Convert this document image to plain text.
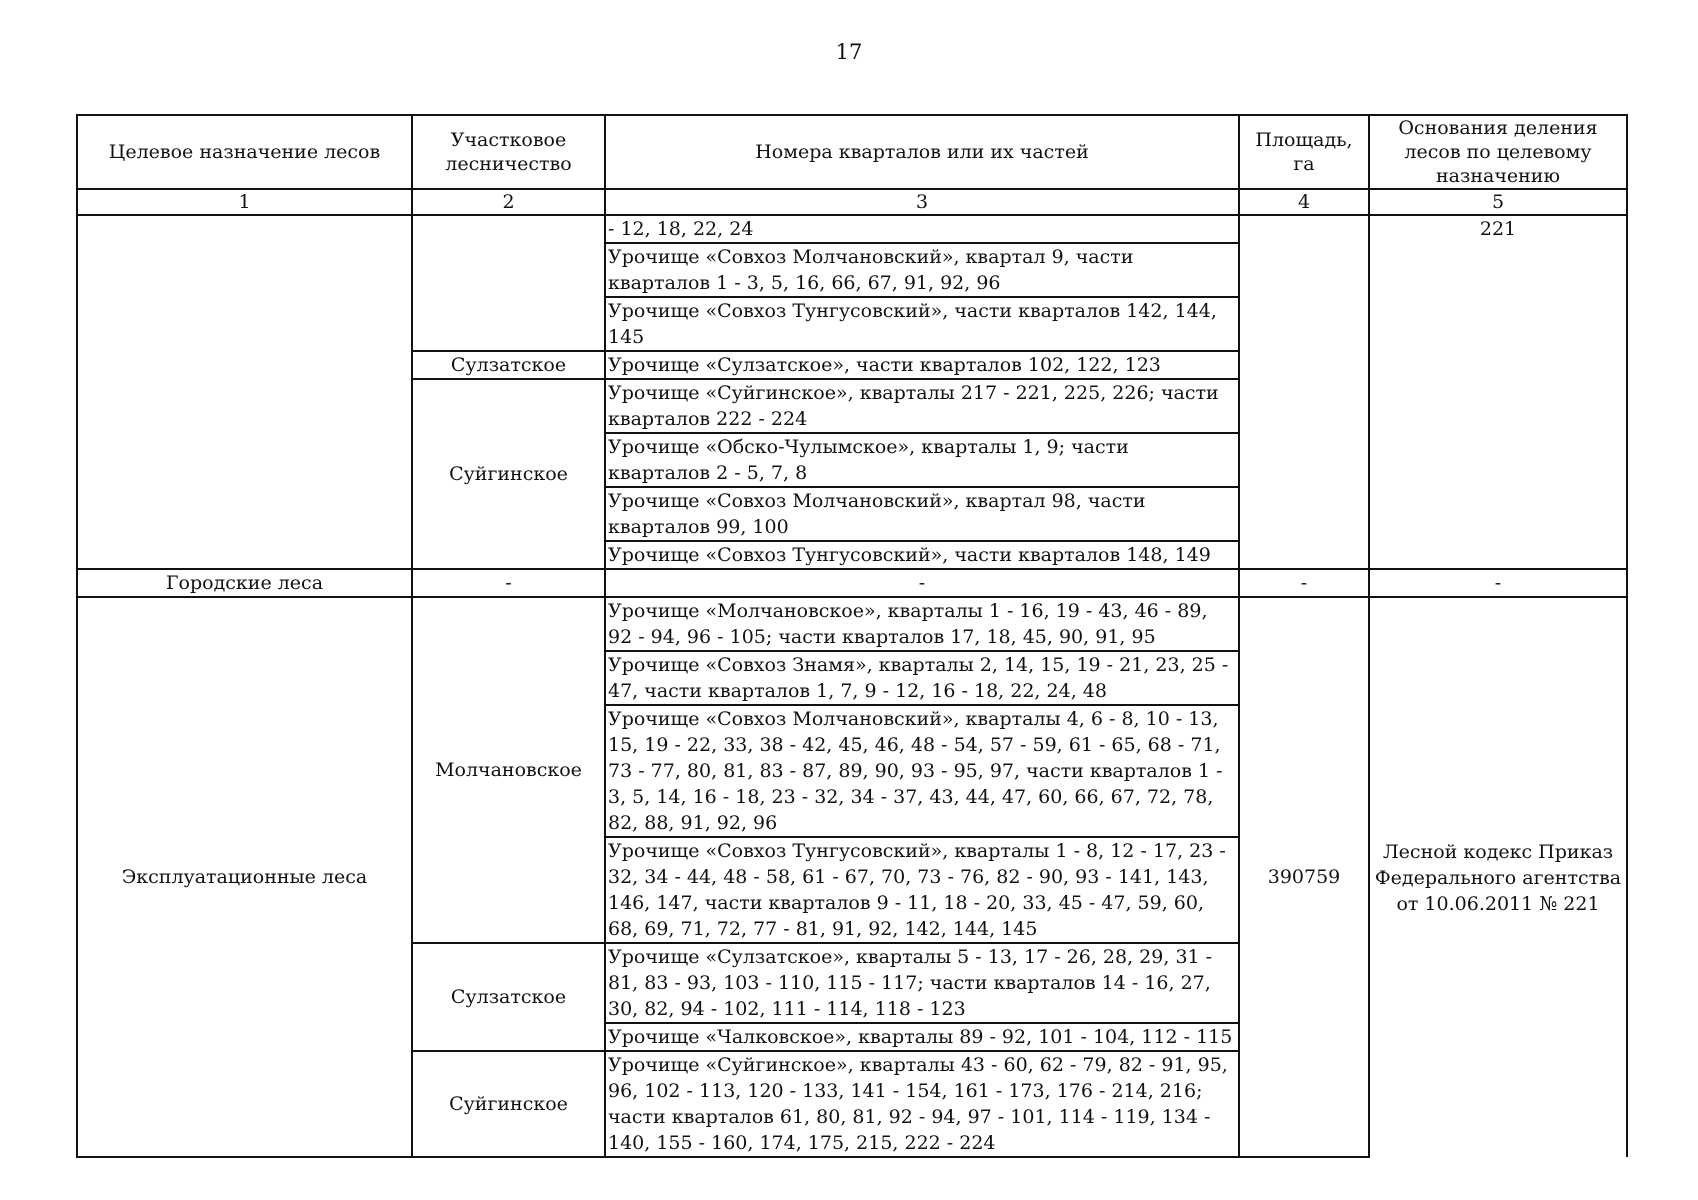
17
Целевое назначение лесов	Участковое лесничество	Номера кварталов или их частей	Площадь, га	Основания деления лесов по целевому назначению
1	2	3	4	5
		- 12, 18, 22, 24		221
		Урочище «Совхоз Молчановский», квартал 9, части кварталов 1 - 3, 5, 16, 66, 67, 91, 92, 96		
		Урочище «Совхоз Тунгусовский», части кварталов 142, 144, 145		
	Сулзатское	Урочище «Сулзатское», части кварталов 102, 122, 123		
	Суйгинское	Урочище «Суйгинское», кварталы 217 - 221, 225, 226; части кварталов 222 - 224		
		Урочище «Обско-Чулымское», кварталы 1, 9; части кварталов 2 - 5, 7, 8		
		Урочище «Совхоз Молчановский», квартал 98, части кварталов 99, 100		
		Урочище «Совхоз Тунгусовский», части кварталов 148, 149		
Городские леса	-	-	-	-
Эксплуатационные леса	Молчановское	Урочище «Молчановское», кварталы 1 - 16, 19 - 43, 46 - 89, 92 - 94, 96 - 105; части кварталов 17, 18, 45, 90, 91, 95	390759	Лесной кодекс Приказ Федерального агентства от 10.06.2011 № 221
		Урочище «Совхоз Знамя», кварталы 2, 14, 15, 19 - 21, 23, 25 - 47, части кварталов 1, 7, 9 - 12, 16 - 18, 22, 24, 48		
		Урочище «Совхоз Молчановский», кварталы 4, 6 - 8, 10 - 13, 15, 19 - 22, 33, 38 - 42, 45, 46, 48 - 54, 57 - 59, 61 - 65, 68 - 71, 73 - 77, 80, 81, 83 - 87, 89, 90, 93 - 95, 97, части кварталов 1 - 3, 5, 14, 16 - 18, 23 - 32, 34 - 37, 43, 44, 47, 60, 66, 67, 72, 78, 82, 88, 91, 92, 96		
		Урочище «Совхоз Тунгусовский», кварталы 1 - 8, 12 - 17, 23 - 32, 34 - 44, 48 - 58, 61 - 67, 70, 73 - 76, 82 - 90, 93 - 141, 143, 146, 147, части кварталов 9 - 11, 18 - 20, 33, 45 - 47, 59, 60, 68, 69, 71, 72, 77 - 81, 91, 92, 142, 144, 145		
	Сулзатское	Урочище «Сулзатское», кварталы 5 - 13, 17 - 26, 28, 29, 31 - 81, 83 - 93, 103 - 110, 115 - 117; части кварталов 14 - 16, 27, 30, 82, 94 - 102, 111 - 114, 118 - 123		
		Урочище «Чалковское», кварталы 89 - 92, 101 - 104, 112 - 115		
	Суйгинское	Урочище «Суйгинское», кварталы 43 - 60, 62 - 79, 82 - 91, 95, 96, 102 - 113, 120 - 133, 141 - 154, 161 - 173, 176 - 214, 216; части кварталов 61, 80, 81, 92 - 94, 97 - 101, 114 - 119, 134 - 140, 155 - 160, 174, 175, 215, 222 - 224		
